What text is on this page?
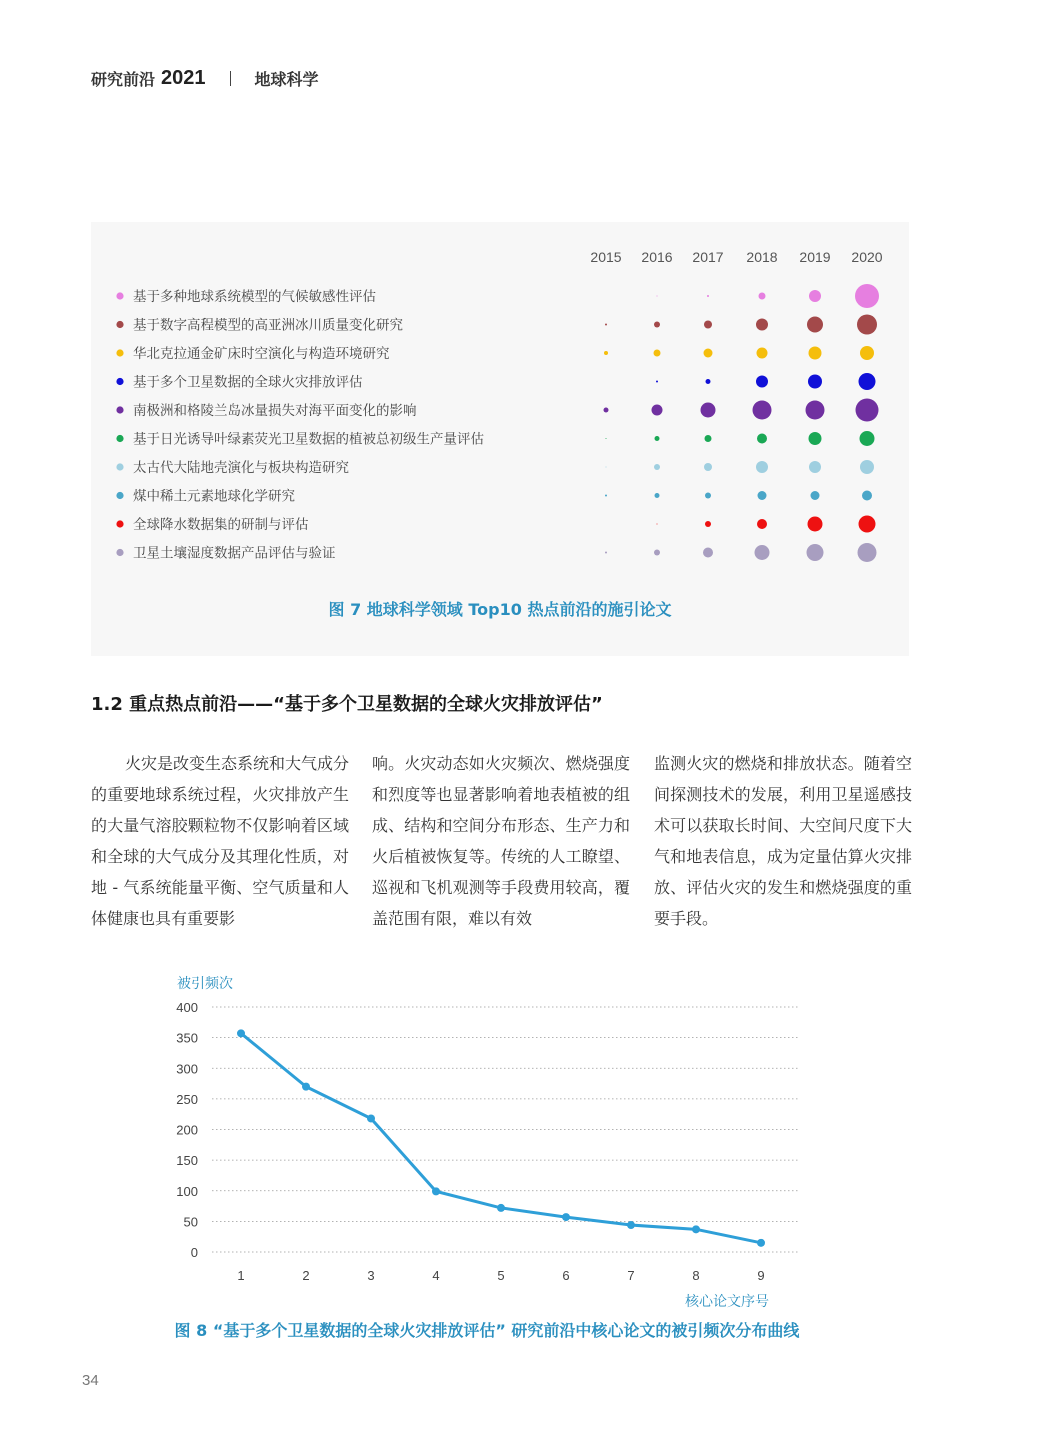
研究前沿 2021	地球科学
2015 2016 2017 2018 2019 2020
基于多种地球系统模型的气候敏感性评估
基于数字高程模型的高亚洲冰川质量变化研究
华北克拉通金矿床时空演化与构造环境研究
基于多个卫星数据的全球火灾排放评估
南极洲和格陵兰岛冰量损失对海平面变化的影响
基于日光诱导叶绿素荧光卫星数据的植被总初级生产量评估
太古代大陆地壳演化与板块构造研究
煤中稀土元素地球化学研究
全球降水数据集的研制与评估
卫星土壤湿度数据产品评估与验证
图 7 地球科学领域 Top10 热点前沿的施引论文
1.2 重点热点前沿——“基于多个卫星数据的全球火灾排放评估”
火灾是改变生态系统和大气成分的重要地球系统过程，火灾排放产生的大量气溶胶颗粒物不仅影响着区域和全球的大气成分及其理化性质，对地 - 气系统能量平衡、空气质量和人体健康也具有重要影
响。火灾动态如火灾频次、燃烧强度和烈度等也显著影响着地表植被的组成、结构和空间分布形态、生产力和火后植被恢复等。传统的人工瞭望、巡视和飞机观测等手段费用较高，覆盖范围有限，难以有效
监测火灾的燃烧和排放状态。随着空间探测技术的发展，利用卫星遥感技术可以获取长时间、大空间尺度下大气和地表信息，成为定量估算火灾排放、评估火灾的发生和燃烧强度的重要手段。
被引频次
0
50
100
150
200
250
300
350
400
1	2	3	4	5	6	7	8	9
核心论文序号
图 8 “基于多个卫星数据的全球火灾排放评估” 研究前沿中核心论文的被引频次分布曲线
34
